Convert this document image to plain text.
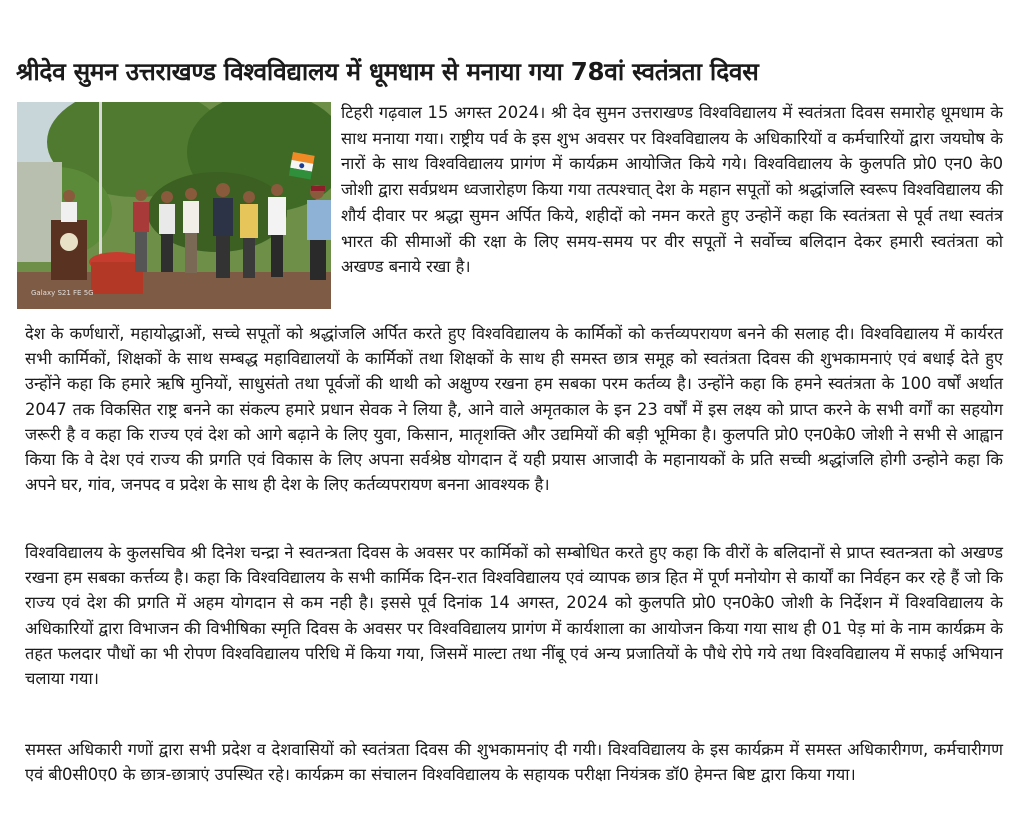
श्रीदेव सुमन उत्तराखण्ड विश्वविद्यालय में धूमधाम से मनाया गया 78वां स्वतंत्रता दिवस
Galaxy S21 FE 5G

टिहरी गढ़वाल 15 अगस्त 2024। श्री देव सुमन उत्तराखण्ड विश्वविद्यालय में स्वतंत्रता दिवस समारोह धूमधाम के साथ मनाया गया। राष्ट्रीय पर्व के इस शुभ अवसर पर विश्वविद्यालय के अधिकारियों व कर्मचारियों द्वारा जयघोष के नारों के साथ विश्वविद्यालय प्रागंण में कार्यक्रम आयोजित किये गये। विश्वविद्यालय के कुलपति प्रो0 एन0 के0 जोशी द्वारा सर्वप्रथम ध्वजारोहण किया गया तत्पश्चात् देश के महान सपूतों को श्रद्धांजलि स्वरूप विश्वविद्यालय की शौर्य दीवार पर श्रद्धा सुमन अर्पित किये, शहीदों को नमन करते हुए उन्होनें कहा कि स्वतंत्रता से पूर्व तथा स्वतंत्र भारत की सीमाओं की रक्षा के लिए समय-समय पर वीर सपूतों ने सर्वोच्च बलिदान देकर हमारी स्वतंत्रता को अखण्ड बनाये रखा है।

देश के कर्णधारों, महायोद्धाओं, सच्चे सपूतों को श्रद्धांजलि अर्पित करते हुए विश्वविद्यालय के कार्मिकों को कर्त्तव्यपरायण बनने की सलाह दी। विश्वविद्यालय में कार्यरत सभी कार्मिकों, शिक्षकों के साथ सम्बद्ध महाविद्यालयों के कार्मिकों तथा शिक्षकों के साथ ही समस्त छात्र समूह को स्वतंत्रता दिवस की शुभकामनाएं एवं बधाई देते हुए उन्होंने कहा कि हमारे ऋषि मुनियों, साधुसंतो तथा पूर्वजों की थाथी को अक्षुण्य रखना हम सबका परम कर्तव्य है। उन्होंने कहा कि हमने स्वतंत्रता के 100 वर्षों अर्थात 2047 तक विकसित राष्ट्र बनने का संकल्प हमारे प्रधान सेवक ने लिया है, आने वाले अमृतकाल के इन 23 वर्षों में इस लक्ष्य को प्राप्त करने के सभी वर्गों का सहयोग जरूरी है व कहा कि राज्य एवं देश को आगे बढ़ाने के लिए युवा, किसान, मातृशक्ति और उद्यमियों की बड़ी भूमिका है। कुलपति प्रो0 एन0के0 जोशी ने सभी से आह्वान किया कि वे देश एवं राज्य की प्रगति एवं विकास के लिए अपना सर्वश्रेष्ठ योगदान दें यही प्रयास आजादी के महानायकों के प्रति सच्ची श्रद्धांजलि होगी उन्होने कहा कि अपने घर, गांव, जनपद व प्रदेश के साथ ही देश के लिए कर्तव्यपरायण बनना आवश्यक है।

विश्वविद्यालय के कुलसचिव श्री दिनेश चन्द्रा ने स्वतन्त्रता दिवस के अवसर पर कार्मिकों को सम्बोधित करते हुए कहा कि वीरों के बलिदानों से प्राप्त स्वतन्त्रता को अखण्ड रखना हम सबका कर्त्तव्य है। कहा कि विश्वविद्यालय के सभी कार्मिक दिन-रात विश्वविद्यालय एवं व्यापक छात्र हित में पूर्ण मनोयोग से कार्यों का निर्वहन कर रहे हैं जो कि राज्य एवं देश की प्रगति में अहम योगदान से कम नही है। इससे पूर्व दिनांक 14 अगस्त, 2024 को कुलपति प्रो0 एन0के0 जोशी के निर्देशन में विश्वविद्यालय के अधिकारियों द्वारा विभाजन की विभीषिका स्मृति दिवस के अवसर पर विश्वविद्यालय प्रागंण में कार्यशाला का आयोजन किया गया साथ ही 01 पेड़ मां के नाम कार्यक्रम के तहत फलदार पौधों का भी रोपण विश्वविद्यालय परिधि में किया गया, जिसमें माल्टा तथा नींबू एवं अन्य प्रजातियों के पौधे रोपे गये तथा विश्वविद्यालय में सफाई अभियान चलाया गया।

समस्त अधिकारी गणों द्वारा सभी प्रदेश व देशवासियों को स्वतंत्रता दिवस की शुभकामनांए दी गयी। विश्वविद्यालय के इस कार्यक्रम में समस्त अधिकारीगण, कर्मचारीगण एवं बी0सी0ए0 के छात्र-छात्राएं उपस्थित रहे। कार्यक्रम का संचालन विश्वविद्यालय के सहायक परीक्षा नियंत्रक डॉ0 हेमन्त बिष्ट द्वारा किया गया।
